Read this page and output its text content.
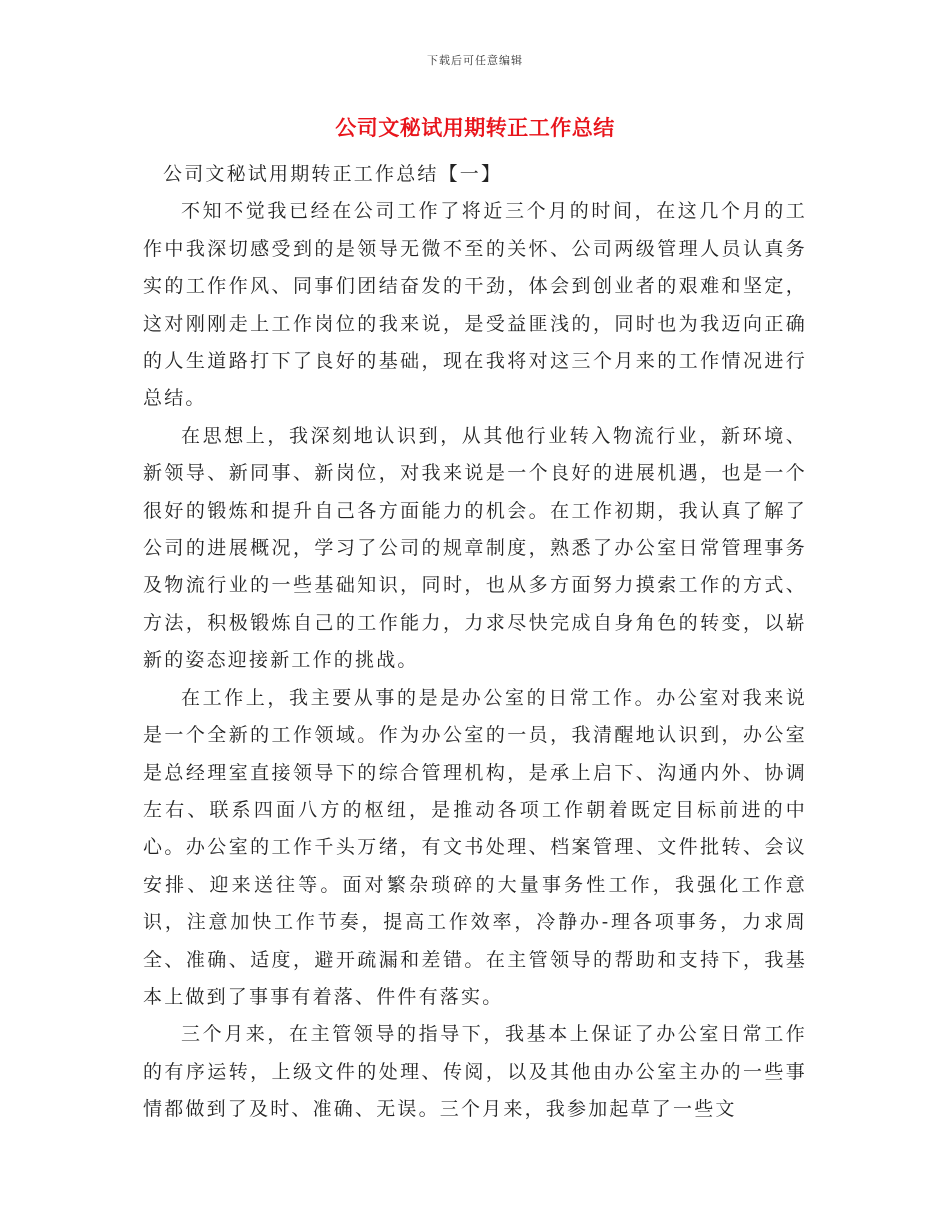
下载后可任意编辑
公司文秘试用期转正工作总结

公司文秘试用期转正工作总结【一】

不知不觉我已经在公司工作了将近三个月的时间，在这几个月的工作中我深切感受到的是领导无微不至的关怀、公司两级管理人员认真务实的工作作风、同事们团结奋发的干劲，体会到创业者的艰难和坚定，这对刚刚走上工作岗位的我来说，是受益匪浅的，同时也为我迈向正确的人生道路打下了良好的基础，现在我将对这三个月来的工作情况进行总结。

在思想上，我深刻地认识到，从其他行业转入物流行业，新环境、新领导、新同事、新岗位，对我来说是一个良好的进展机遇，也是一个很好的锻炼和提升自己各方面能力的机会。在工作初期，我认真了解了公司的进展概况，学习了公司的规章制度，熟悉了办公室日常管理事务及物流行业的一些基础知识，同时，也从多方面努力摸索工作的方式、方法，积极锻炼自己的工作能力，力求尽快完成自身角色的转变，以崭新的姿态迎接新工作的挑战。

在工作上，我主要从事的是是办公室的日常工作。办公室对我来说是一个全新的工作领域。作为办公室的一员，我清醒地认识到，办公室是总经理室直接领导下的综合管理机构，是承上启下、沟通内外、协调左右、联系四面八方的枢纽，是推动各项工作朝着既定目标前进的中心。办公室的工作千头万绪，有文书处理、档案管理、文件批转、会议安排、迎来送往等。面对繁杂琐碎的大量事务性工作，我强化工作意识，注意加快工作节奏，提高工作效率，冷静办-理各项事务，力求周全、准确、适度，避开疏漏和差错。在主管领导的帮助和支持下，我基本上做到了事事有着落、件件有落实。

三个月来，在主管领导的指导下，我基本上保证了办公室日常工作的有序运转，上级文件的处理、传阅，以及其他由办公室主办的一些事情都做到了及时、准确、无误。三个月来，我参加起草了一些文
